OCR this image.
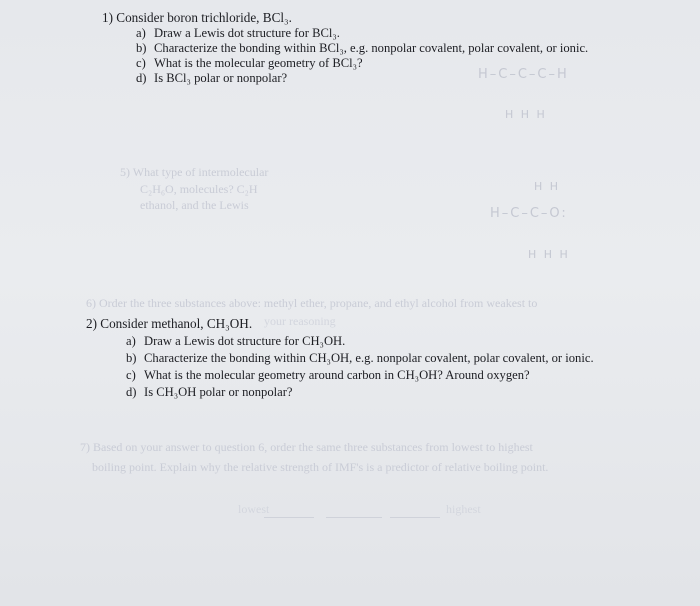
H–C–C–C–H
H H H
H H
H–C–C–O:
H H H
5) What type of intermolecular
C₂H₆O, molecules? C₂H
ethanol, and the Lewis
6) Order the three substances above: methyl ether, propane, and ethyl alcohol from weakest to
your reasoning
7) Based on your answer to question 6, order the same three substances from lowest to highest
boiling point. Explain why the relative strength of IMF's is a predictor of relative boiling point.
lowest	highest
1) Consider boron trichloride, BCl₃.
a) Draw a Lewis dot structure for BCl₃.
b) Characterize the bonding within BCl₃, e.g. nonpolar covalent, polar covalent, or ionic.
c) What is the molecular geometry of BCl₃?
d) Is BCl₃ polar or nonpolar?
2) Consider methanol, CH₃OH.
a) Draw a Lewis dot structure for CH₃OH.
b) Characterize the bonding within CH₃OH, e.g. nonpolar covalent, polar covalent, or ionic.
c) What is the molecular geometry around carbon in CH₃OH? Around oxygen?
d) Is CH₃OH polar or nonpolar?
